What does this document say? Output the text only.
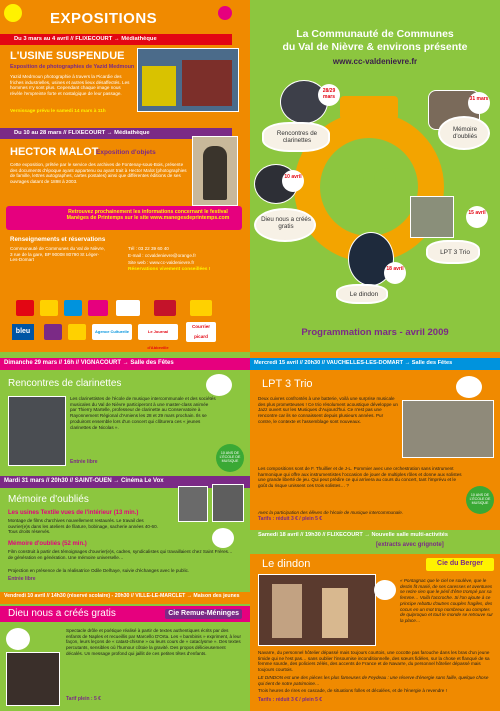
EXPOSITIONS
Du 3 mars au 4 avril // FLIXECOURT → Médiathèque
L'USINE SUSPENDUE
Exposition de photographies de Yazid Medmoun
Yazid Medmoun photographie à travers la Picardie des friches industrielles, usines et autres lieux désaffectés. Les hommes n'y sont plus. Cependant chaque image nous révèle l'empreinte forte et nostalgique de leur passage.
Vernissage prévu le samedi 14 mars à 11h
Du 10 au 28 mars // FLIXECOURT → Médiathèque
HECTOR MALOT
Exposition d'objets
Cette exposition, prêtée par le service des archives de Fontenay-sous-Bois, présente des documents d'époque ayant appartenu ou ayant trait à Hector Malot (photographies de famille, lettres autographes, cartes postales) ainsi que différentes éditions de ses ouvrages datant de 1898 à 2003.
Retrouvez prochainement les informations concernant le festival Manèges de Printemps sur le site www.manegesdeprintemps.com
Renseignements et réservations
Communauté de Communes du Val de Nièvre, 3 rue de la gare, BP 90008 80790 St Léger-Les-Domart
Tél : 03 22 39 60 40
E-mail : ccvaldenievre@orange.fr
Site web : www.cc-valdenievre.fr
Réservations vivement conseillées !
bleu	Agence Culturelle	Le Journal d'Abbeville
Courrier picard
La Communauté de Communes
du Val de Nièvre & environs présente
www.cc-valdenievre.fr
Rencontres de clarinettes
28/29 mars
Mémoire d'oubliés
31 mars
Dieu nous a créés gratis
10 avril
LPT 3 Trio
15 avril
Le dindon
18 avril
Programmation mars - avril 2009
Dimanche 29 mars // 16h // VIGNACOURT → Salle des Fêtes
Rencontres de clarinettes
Les clarinettistes de l'école de musique intercommunale et des sociétés musicales du Val de Nièvre participeront à une master-class animée par Thierry Martelle, professeur de clarinette au Conservatoire à Rayonnement Régional d'Amiens les 28 et 29 mars prochain. Ils se produiront ensemble lors d'un concert qui clôturera ces « jeunes clarinettes de Nicolas ».
Entrée libre
10 ANS DE L'ÉCOLE DE MUSIQUE
Mardi 31 mars // 20h30 // SAINT-OUEN → Cinéma Le Vox
Mémoire d'oubliés
Les usines Textile vues de l'intérieur (13 min.)
Montage de films d'archives nouvellement restaurés. Le travail des ouvrier(e)s dans les ateliers de filature, bobinage, sacherie années 40-60. Tous droits réservés.
Mémoire d'oubliés (52 min.)
Film construit à partir des témoignages d'ouvrier(e)s, cadres, syndicalistes qui travaillaient chez Saint Frères… de génération en génération. Une mémoire universelle…
Projection en présence de la réalisatrice Odile Delhaye, suivie d'échanges avec le public.
Entrée libre
Vendredi 10 avril // 14h30 (réservé scolaire) - 20h30 // VILLE-LE-MARCLET → Maison des jeunes
Dieu nous a créés gratis	Cie Remue-Méninges
Spectacle drôle et poétique réalisé à partir de textes authentiques écrits par des enfants de Naples et recueillis par Marcello D'Orta. Les « bambinis » expriment, à leur façon, leurs leçons de « catast-chisme » ou leurs cours de « cataclysme ». Des textes percutants, sensibles où l'humour côtoie la gravité. Des propos délicieusement décalés. Un message profond qui jaillit de ces petites têtes d'enfants.
Tarif plein : 5 €
Mercredi 15 avril // 20h30 // VAUCHELLES-LES-DOMART → Salle des Fêtes
LPT 3 Trio
Deux cuivres confrontés à une batterie, voilà une surprise musicale des plus prometteuses ! Ce trio résolument acoustique développe un Jazz ouvert sur les Musiques d'Aujourd'hui. Ce n'est pas une rencontre car ils se connaissent depuis plusieurs années. Pur contre, le contexte et l'assemblage sont nouveaux.
Les compositions sont de F. Thuillier et de J-L. Pommier avec une orchestration sans instrument harmonique qui offre aux instrumentistes l'occasion de jouer de multiples rôles et donne aux solistes une grande liberté de jeu. Qui peut prédire ce qui arrivera au cours du concert, tant l'imprévu et le goût du risque unissent ces trois solistes… ?
10 ANS DE L'ÉCOLE DE MUSIQUE
Avec la participation des élèves de l'école de musique intercommunale.
Tarifs : réduit 3 € / plein 5 €
Samedi 18 avril // 19h30 // FLIXECOURT → Nouvelle salle multi-activités
[extracts avec grignote]
Le dindon	Cie du Berger
« Pontagnac que le ciel ne soulève, que le destin fit marié, de ses caresses et aventures se retire rien que le péril d'être trompé par sa femme… Voilà l'accroche. Si l'on ajoute à ce principe rebattu d'autres couples fragiles, des cocus en un mot trop nombreux au comptes de quiproquo et tout le monde se retrouve sur la place…
Navarre, du personnel hôtelier dépassé mais toujours courtois, une cocotte pas farouche dans les bras d'un jeune timide qui ne l'est pas… sans oublier l'insoumise inconditionnelle, des sœurs fidèles, sur la chose et flanqué de sa femme sourde, des policiers zélés, des accents de France et de Navarre, du personnel hôtelier dépassé mais toujours courtois.
LE DINDON est une des pièces les plus fameuses de Feydeau : une réserve d'énergie sans faille, quelque chose qui tient de notre patrimoine…
Trois heures de rires en cascade, de situations folles et décalées, et de l'énergie à revendre !
Tarifs : réduit 3 € / plein 5 €
